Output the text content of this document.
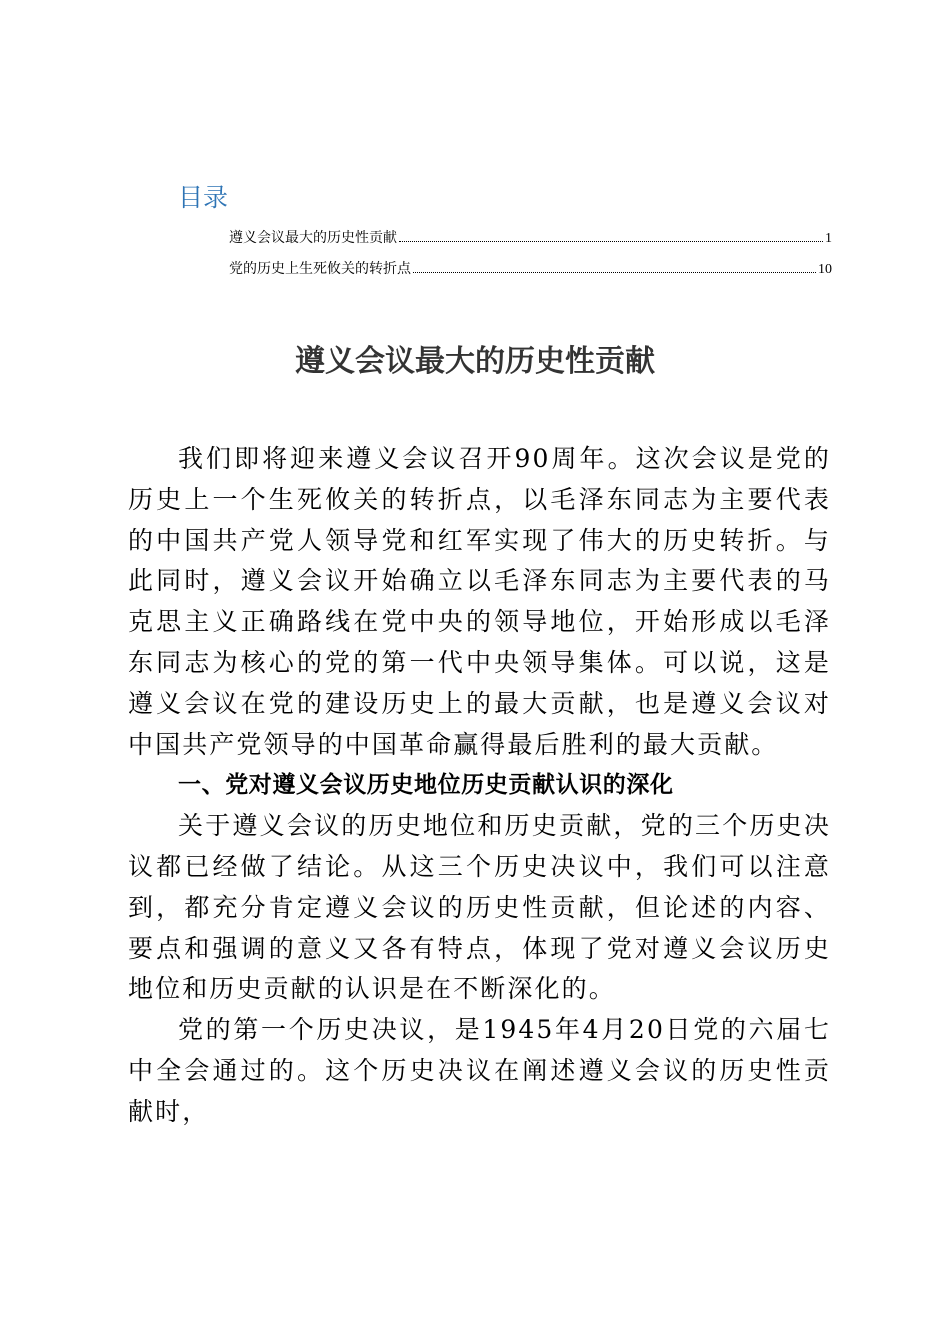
目录
遵义会议最大的历史性贡献	1
党的历史上生死攸关的转折点	10
遵义会议最大的历史性贡献

我们即将迎来遵义会议召开90周年。这次会议是党的历史上一个生死攸关的转折点，以毛泽东同志为主要代表的中国共产党人领导党和红军实现了伟大的历史转折。与此同时，遵义会议开始确立以毛泽东同志为主要代表的马克思主义正确路线在党中央的领导地位，开始形成以毛泽东同志为核心的党的第一代中央领导集体。可以说，这是遵义会议在党的建设历史上的最大贡献，也是遵义会议对中国共产党领导的中国革命赢得最后胜利的最大贡献。

一、党对遵义会议历史地位历史贡献认识的深化

关于遵义会议的历史地位和历史贡献，党的三个历史决议都已经做了结论。从这三个历史决议中，我们可以注意到，都充分肯定遵义会议的历史性贡献，但论述的内容、要点和强调的意义又各有特点，体现了党对遵义会议历史地位和历史贡献的认识是在不断深化的。

党的第一个历史决议，是1945年4月20日党的六届七中全会通过的。这个历史决议在阐述遵义会议的历史性贡献时，
